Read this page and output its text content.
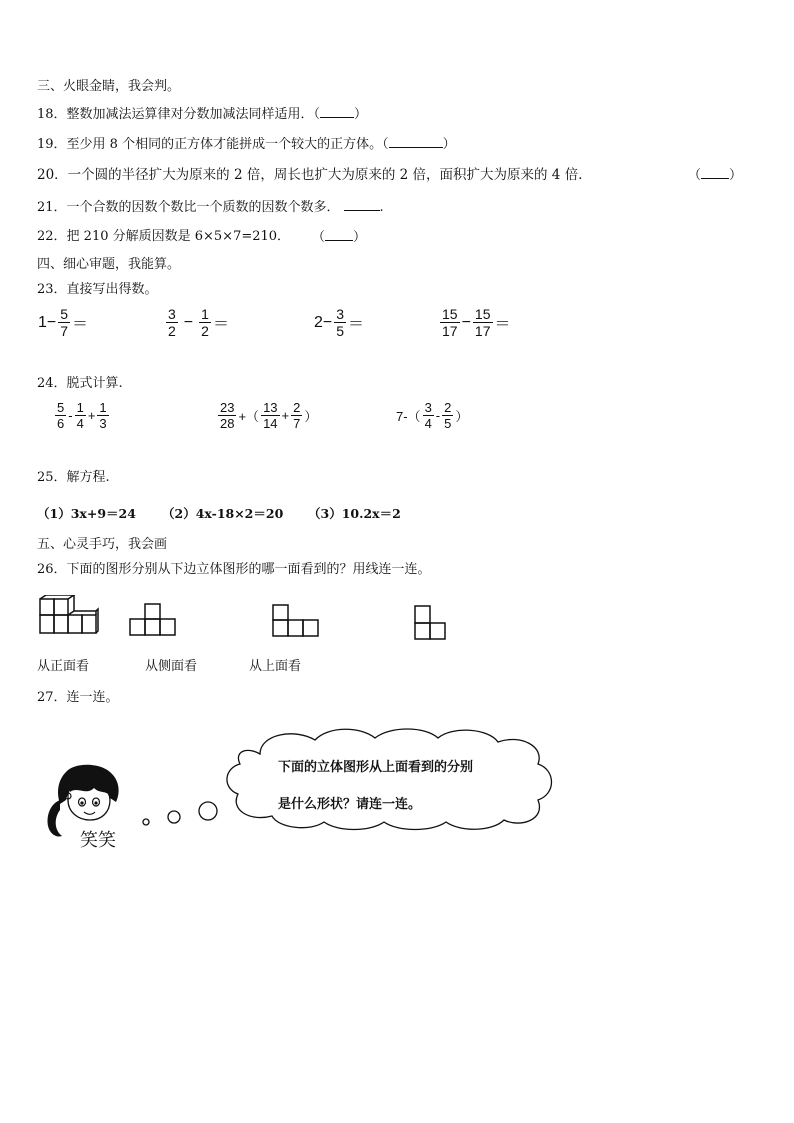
三、火眼金睛，我会判。
18．整数加减法运算律对分数加减法同样适用．（	）
19．至少用 8 个相同的正方体才能拼成一个较大的正方体。（	）
20．一个圆的半径扩大为原来的 2 倍，周长也扩大为原来的 2 倍，面积扩大为原来的 4 倍．	（ ）
21．一个合数的因数个数比一个质数的因数个数多．	.
22．把 210 分解质因数是 6×5×7=210． （ ）
四、细心审题，我能算。
23．直接写出得数。
$1- \frac{5}{7}$ ＝	$\frac{3}{2} - \frac{1}{2}$ ＝	$2- \frac{3}{5}$ ＝	$\frac{15}{17} - \frac{15}{17}$ ＝
24．脱式计算.
$\frac{5}{6} - \frac{1}{4} + \frac{1}{3}$	$\frac{23}{28}$ +（ $\frac{13}{14} + \frac{2}{7}$ ）	$7-( \frac{3}{4} - \frac{2}{5}$ ）
25．解方程.
（1）3x+9＝24 （2）4x-18×2＝20 （3）10.2x＝2
五、心灵手巧，我会画
26．下面的图形分别从下边立体图形的哪一面看到的？用线连一连。
从正面看	从侧面看	从上面看
27．连一连。
下面的立体图形从上面看到的分别
是什么形状？请连一连。
笑笑
